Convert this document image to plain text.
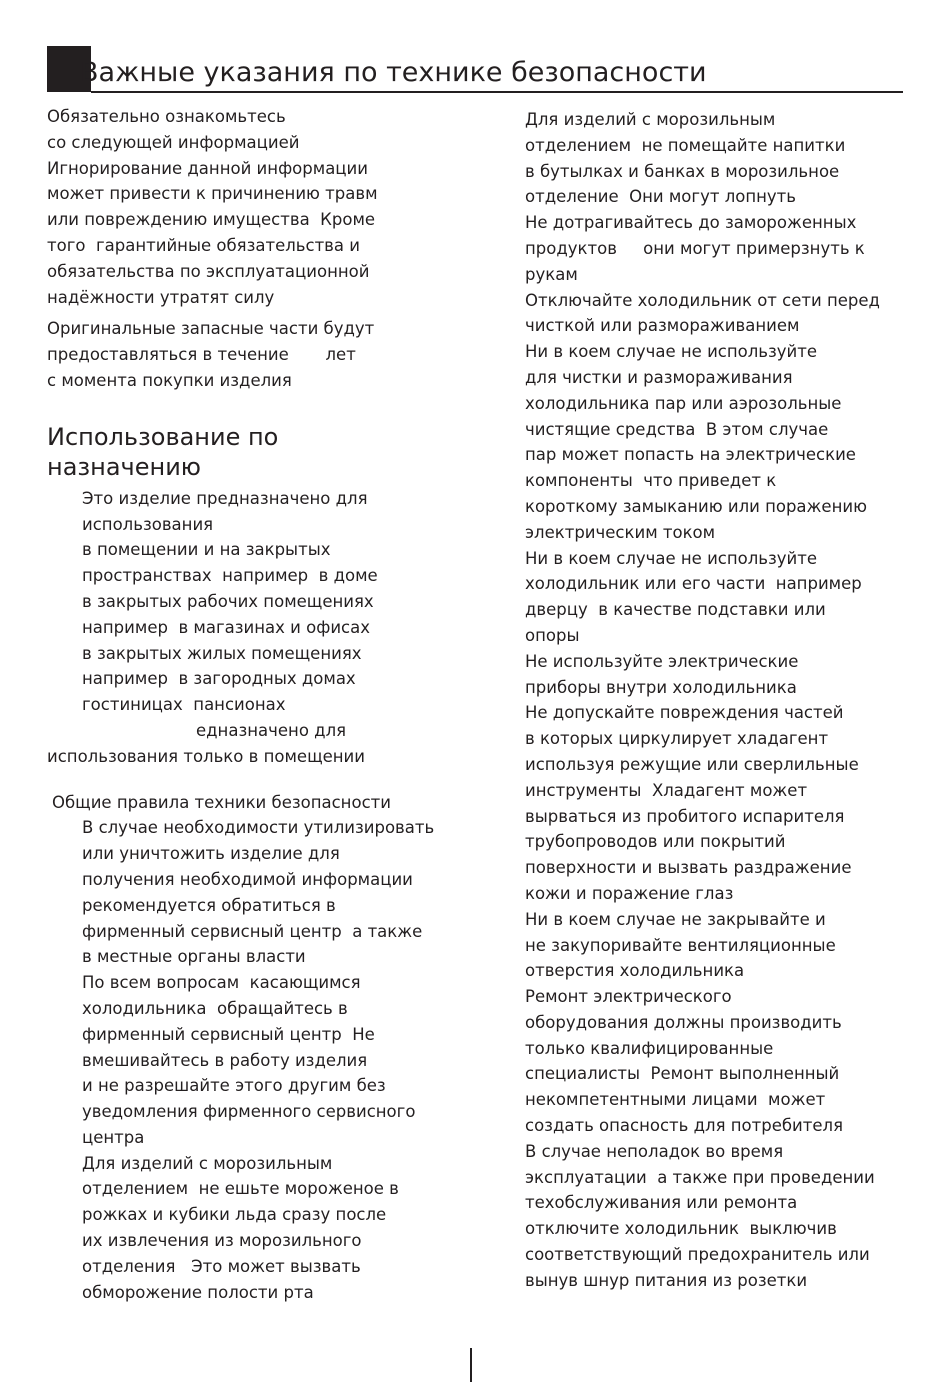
Важные указания по технике безопасности
Обязательно ознакомьтесь
со следующей информацией
Игнорирование данной информации
может привести к причинению травм
или повреждению имущества  Кроме
того  гарантийные обязательства и
обязательства по эксплуатационной
надёжности утратят силу
Оригинальные запасные части будут
предоставляться в течение       лет
с момента покупки изделия
Использование по
назначению
Это изделие предназначено для
использования
в помещении и на закрытых
пространствах  например  в доме
в закрытых рабочих помещениях
например  в магазинах и офисах
в закрытых жилых помещениях
например  в загородных домах
гостиницах  пансионах
едназначено для
использования только в помещении
Общие правила техники безопасности
В случае необходимости утилизировать
или уничтожить изделие для
получения необходимой информации
рекомендуется обратиться в
фирменный сервисный центр  а также
в местные органы власти
По всем вопросам  касающимся
холодильника  обращайтесь в
фирменный сервисный центр  Не
вмешивайтесь в работу изделия
и не разрешайте этого другим без
уведомления фирменного сервисного
центра
Для изделий с морозильным
отделением  не ешьте мороженое в
рожках и кубики льда сразу после
их извлечения из морозильного
отделения   Это может вызвать
обморожение полости рта
Для изделий с морозильным
отделением  не помещайте напитки
в бутылках и банках в морозильное
отделение  Они могут лопнуть
Не дотрагивайтесь до замороженных
продуктов     они могут примерзнуть к
рукам
Отключайте холодильник от сети перед
чисткой или размораживанием
Ни в коем случае не используйте
для чистки и размораживания
холодильника пар или аэрозольные
чистящие средства  В этом случае
пар может попасть на электрические
компоненты  что приведет к
короткому замыканию или поражению
электрическим током
Ни в коем случае не используйте
холодильник или его части  например
дверцу  в качестве подставки или
опоры
Не используйте электрические
приборы внутри холодильника
Не допускайте повреждения частей
в которых циркулирует хладагент
используя режущие или сверлильные
инструменты  Хладагент может
вырваться из пробитого испарителя
трубопроводов или покрытий
поверхности и вызвать раздражение
кожи и поражение глаз
Ни в коем случае не закрывайте и
не закупоривайте вентиляционные
отверстия холодильника
Ремонт электрического
оборудования должны производить
только квалифицированные
специалисты  Ремонт выполненный
некомпетентными лицами  может
создать опасность для потребителя
В случае неполадок во время
эксплуатации  а также при проведении
техобслуживания или ремонта
отключите холодильник  выключив
соответствующий предохранитель или
вынув шнур питания из розетки
